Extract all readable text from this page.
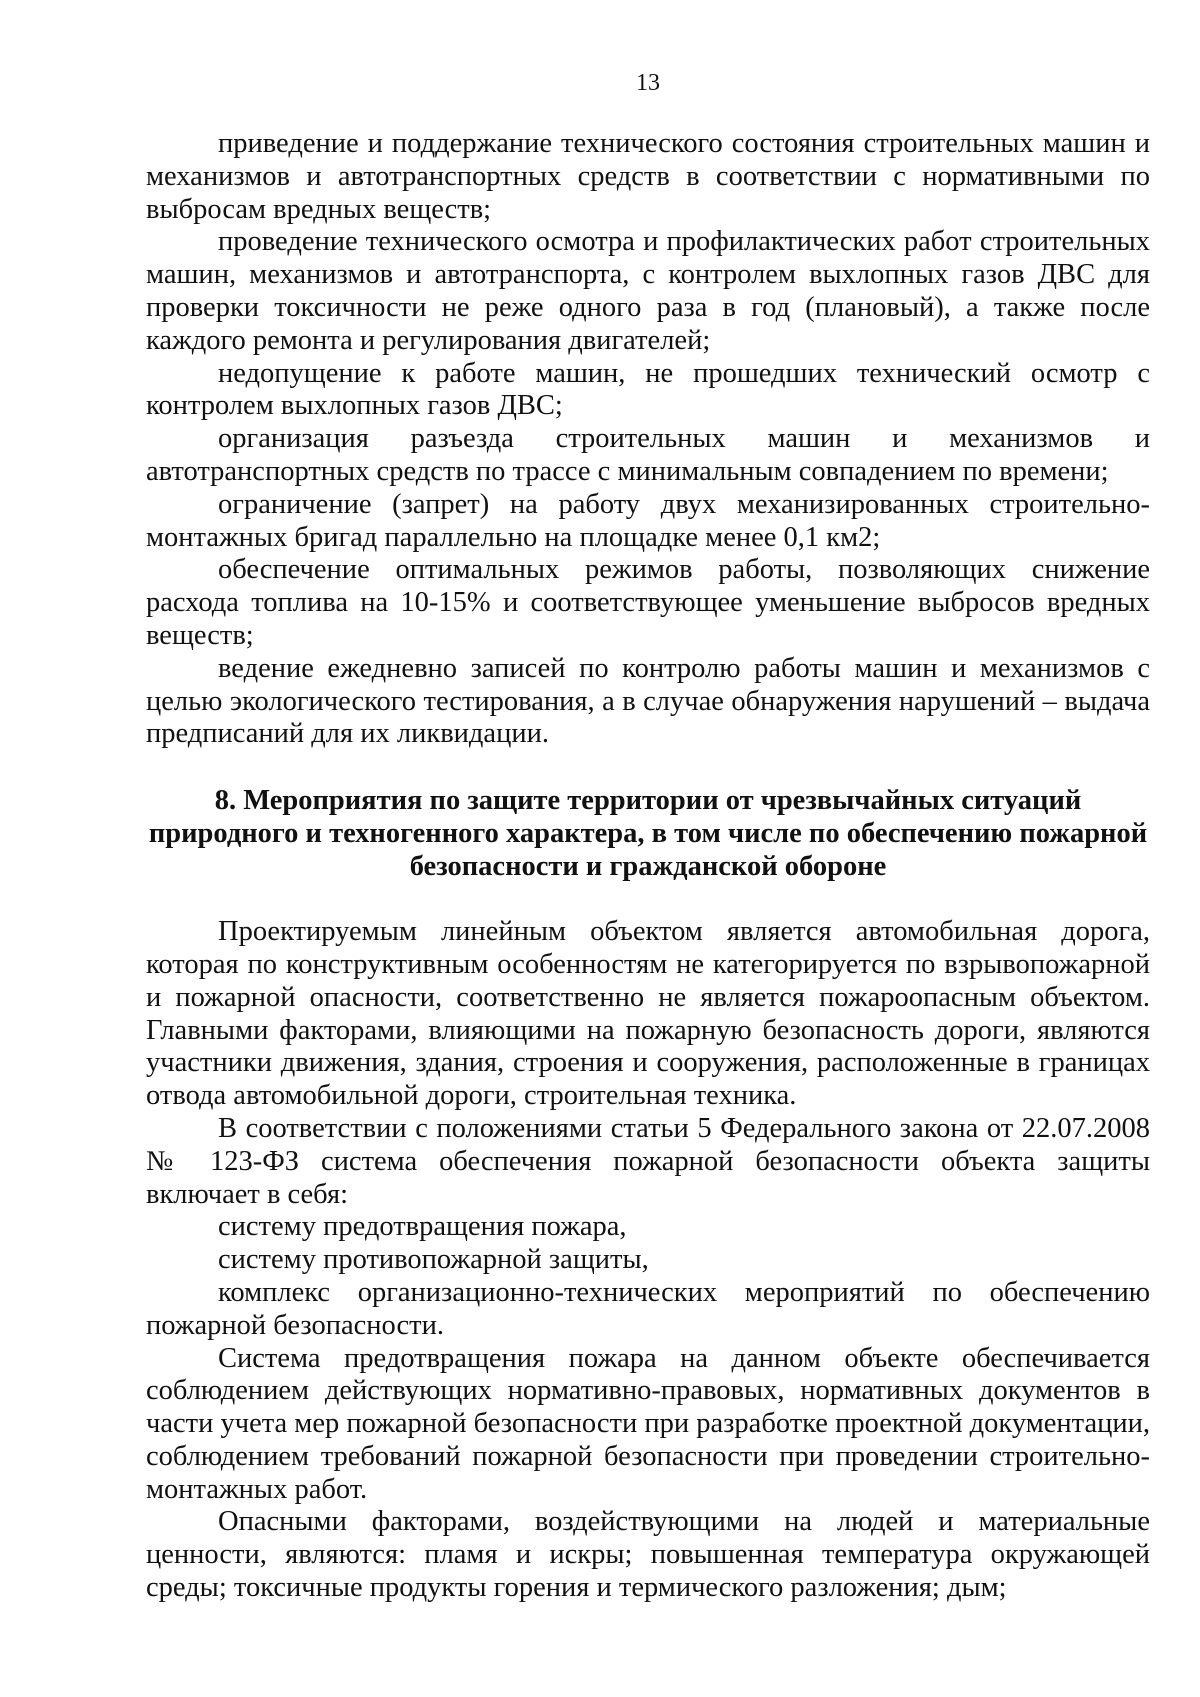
13

приведение и поддержание технического состояния строительных машин и механизмов и автотранспортных средств в соответствии с нормативными по выбросам вредных веществ;

проведение технического осмотра и профилактических работ строительных машин, механизмов и автотранспорта, с контролем выхлопных газов ДВС для проверки токсичности не реже одного раза в год (плановый), а также после каждого ремонта и регулирования двигателей;

недопущение к работе машин, не прошедших технический осмотр с контролем выхлопных газов ДВС;

организация разъезда строительных машин и механизмов и автотранспортных средств по трассе с минимальным совпадением по времени;

ограничение (запрет) на работу двух механизированных строительно-монтажных бригад параллельно на площадке менее 0,1 км2;

обеспечение оптимальных режимов работы, позволяющих снижение расхода топлива на 10-15% и соответствующее уменьшение выбросов вредных веществ;

ведение ежедневно записей по контролю работы машин и механизмов с целью экологического тестирования, а в случае обнаружения нарушений – выдача предписаний для их ликвидации.

8. Мероприятия по защите территории от чрезвычайных ситуаций
природного и техногенного характера, в том числе по обеспечению пожарной
безопасности и гражданской обороне

Проектируемым линейным объектом является автомобильная дорога, которая по конструктивным особенностям не категорируется по взрывопожарной и пожарной опасности, соответственно не является пожароопасным объектом. Главными факторами, влияющими на пожарную безопасность дороги, являются участники движения, здания, строения и сооружения, расположенные в границах отвода автомобильной дороги, строительная техника.

В соответствии с положениями статьи 5 Федерального закона от 22.07.2008 № 123-ФЗ система обеспечения пожарной безопасности объекта защиты включает в себя:

систему предотвращения пожара,

систему противопожарной защиты,

комплекс организационно-технических мероприятий по обеспечению пожарной безопасности.

Система предотвращения пожара на данном объекте обеспечивается соблюдением действующих нормативно-правовых, нормативных документов в части учета мер пожарной безопасности при разработке проектной документации, соблюдением требований пожарной безопасности при проведении строительно-монтажных работ.

Опасными факторами, воздействующими на людей и материальные ценности, являются: пламя и искры; повышенная температура окружающей среды; токсичные продукты горения и термического разложения; дым;
